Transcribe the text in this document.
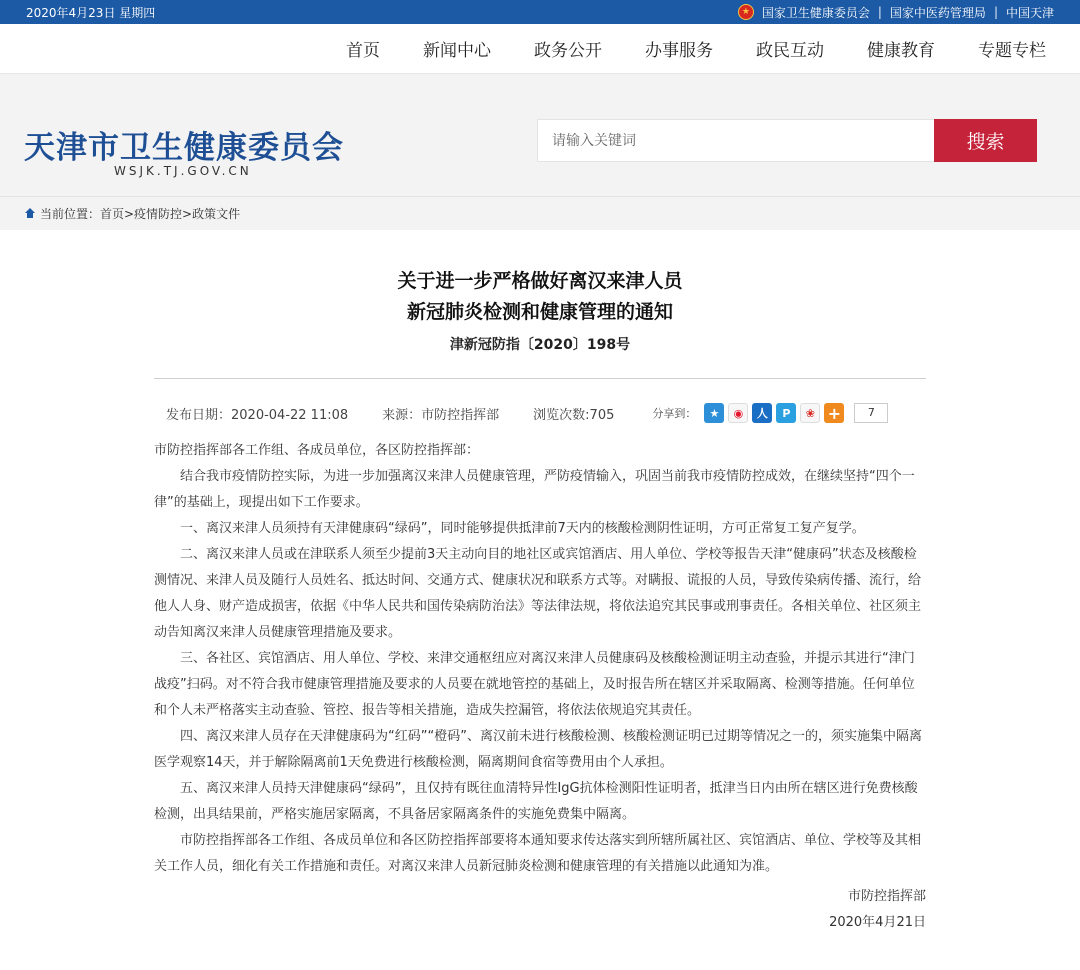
2020年4月23日 星期四	★ 国家卫生健康委员会 | 国家中医药管理局 | 中国天津
首页	新闻中心	政务公开	办事服务	政民互动	健康教育	专题专栏
天津市卫生健康委员会
WSJK.TJ.GOV.CN
请输入关键词
搜索
当前位置：首页>疫情防控>政策文件
关于进一步严格做好离汉来津人员
新冠肺炎检测和健康管理的通知
津新冠防指〔2020〕198号
发布日期：2020-04-22 11:08	来源：市防控指挥部	浏览次数:705	分享到：	★	◉	人	P	❀ +	7

市防控指挥部各工作组、各成员单位，各区防控指挥部：

结合我市疫情防控实际，为进一步加强离汉来津人员健康管理，严防疫情输入，巩固当前我市疫情防控成效，在继续坚持“四个一律”的基础上，现提出如下工作要求。

一、离汉来津人员须持有天津健康码“绿码”，同时能够提供抵津前7天内的核酸检测阴性证明，方可正常复工复产复学。

二、离汉来津人员或在津联系人须至少提前3天主动向目的地社区或宾馆酒店、用人单位、学校等报告天津“健康码”状态及核酸检测情况、来津人员及随行人员姓名、抵达时间、交通方式、健康状况和联系方式等。对瞒报、谎报的人员，导致传染病传播、流行，给他人人身、财产造成损害，依据《中华人民共和国传染病防治法》等法律法规，将依法追究其民事或刑事责任。各相关单位、社区须主动告知离汉来津人员健康管理措施及要求。

三、各社区、宾馆酒店、用人单位、学校、来津交通枢纽应对离汉来津人员健康码及核酸检测证明主动查验，并提示其进行“津门战疫”扫码。对不符合我市健康管理措施及要求的人员要在就地管控的基础上，及时报告所在辖区并采取隔离、检测等措施。任何单位和个人未严格落实主动查验、管控、报告等相关措施，造成失控漏管，将依法依规追究其责任。

四、离汉来津人员存在天津健康码为“红码”“橙码”、离汉前未进行核酸检测、核酸检测证明已过期等情况之一的，须实施集中隔离医学观察14天，并于解除隔离前1天免费进行核酸检测，隔离期间食宿等费用由个人承担。

五、离汉来津人员持天津健康码“绿码”，且仅持有既往血清特异性IgG抗体检测阳性证明者，抵津当日内由所在辖区进行免费核酸检测，出具结果前，严格实施居家隔离，不具备居家隔离条件的实施免费集中隔离。

市防控指挥部各工作组、各成员单位和各区防控指挥部要将本通知要求传达落实到所辖所属社区、宾馆酒店、单位、学校等及其相关工作人员，细化有关工作措施和责任。对离汉来津人员新冠肺炎检测和健康管理的有关措施以此通知为准。

市防控指挥部
2020年4月21日
